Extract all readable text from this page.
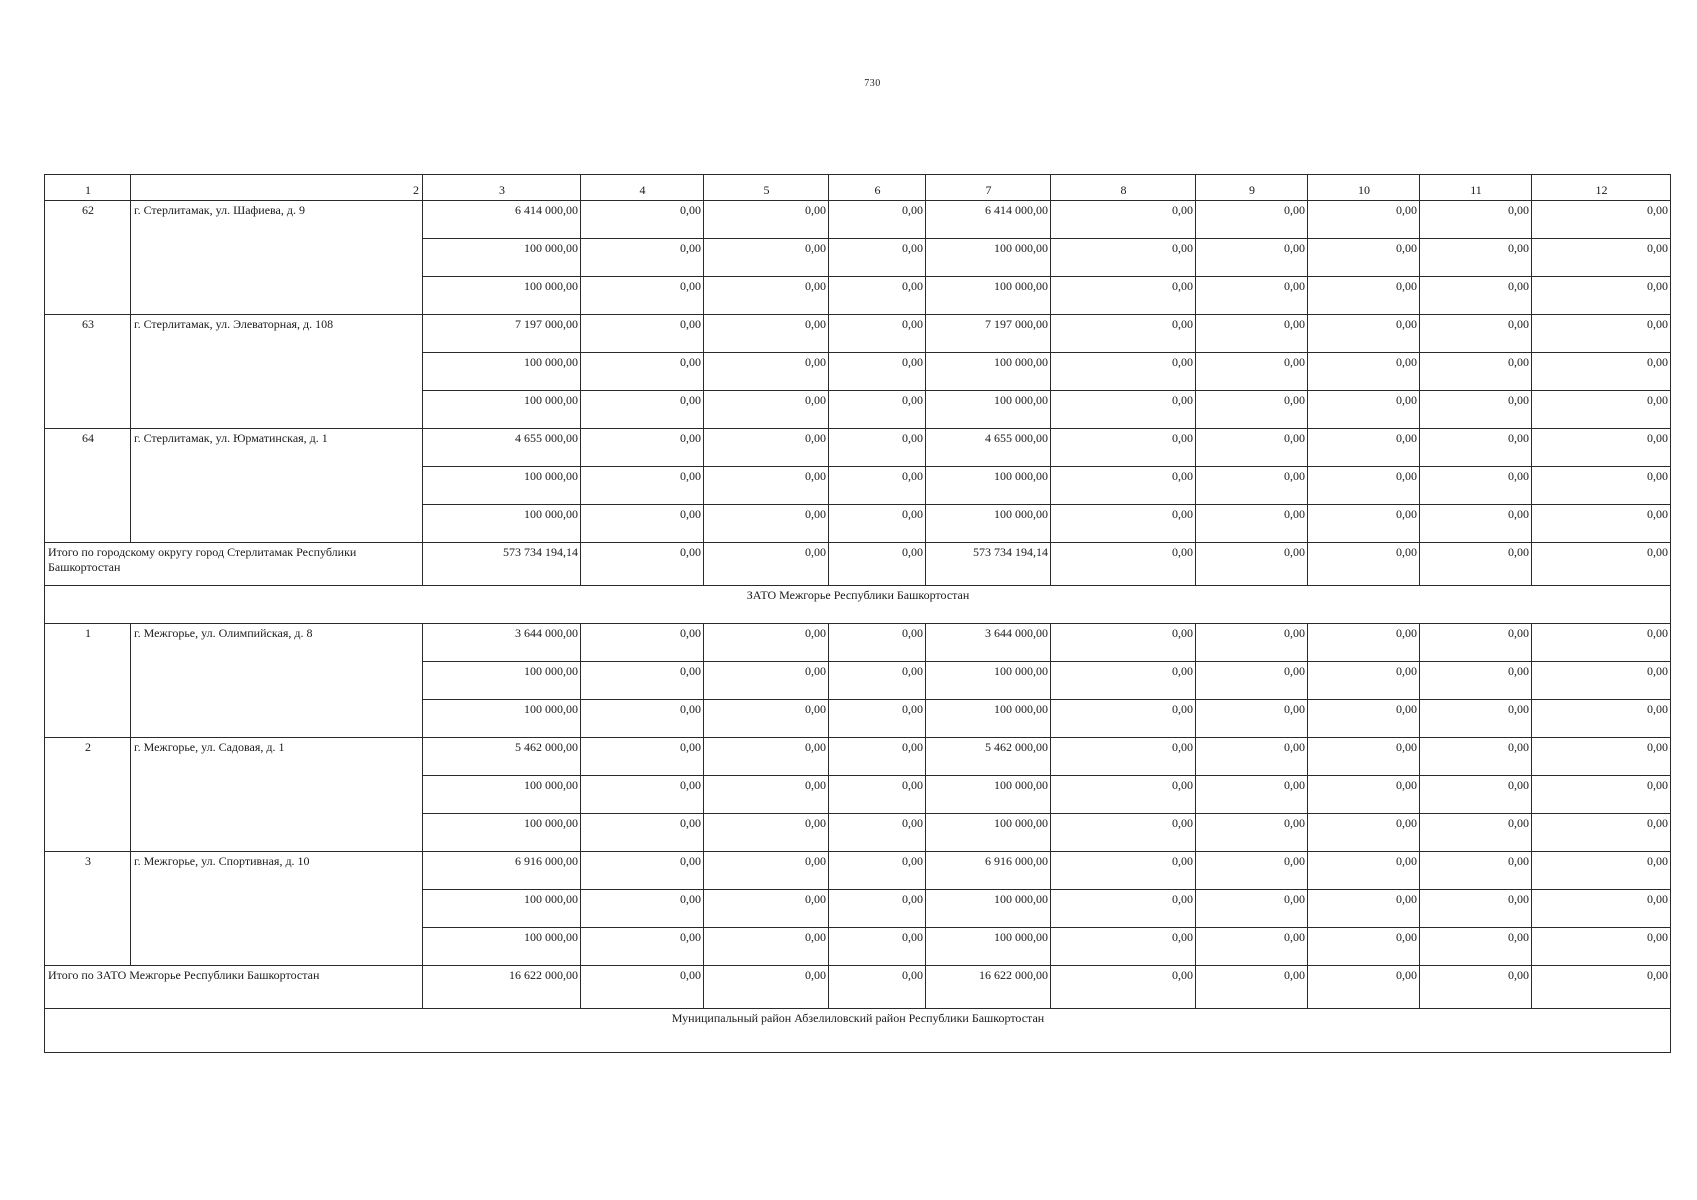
730
1	2	3	4	5	6	7	8	9	10	11	12
62	г. Стерлитамак, ул. Шафиева, д. 9	6 414 000,00	0,00	0,00	0,00	6 414 000,00	0,00	0,00	0,00	0,00	0,00
		100 000,00	0,00	0,00	0,00	100 000,00	0,00	0,00	0,00	0,00	0,00
		100 000,00	0,00	0,00	0,00	100 000,00	0,00	0,00	0,00	0,00	0,00
63	г. Стерлитамак, ул. Элеваторная, д. 108	7 197 000,00	0,00	0,00	0,00	7 197 000,00	0,00	0,00	0,00	0,00	0,00
		100 000,00	0,00	0,00	0,00	100 000,00	0,00	0,00	0,00	0,00	0,00
		100 000,00	0,00	0,00	0,00	100 000,00	0,00	0,00	0,00	0,00	0,00
64	г. Стерлитамак, ул. Юрматинская, д. 1	4 655 000,00	0,00	0,00	0,00	4 655 000,00	0,00	0,00	0,00	0,00	0,00
		100 000,00	0,00	0,00	0,00	100 000,00	0,00	0,00	0,00	0,00	0,00
		100 000,00	0,00	0,00	0,00	100 000,00	0,00	0,00	0,00	0,00	0,00
Итого по городскому округу город Стерлитамак Республики Башкортостан		573 734 194,14	0,00	0,00	0,00	573 734 194,14	0,00	0,00	0,00	0,00	0,00
ЗАТО Межгорье Республики Башкортостан											
1	г. Межгорье, ул. Олимпийская, д. 8	3 644 000,00	0,00	0,00	0,00	3 644 000,00	0,00	0,00	0,00	0,00	0,00
		100 000,00	0,00	0,00	0,00	100 000,00	0,00	0,00	0,00	0,00	0,00
		100 000,00	0,00	0,00	0,00	100 000,00	0,00	0,00	0,00	0,00	0,00
2	г. Межгорье, ул. Садовая, д. 1	5 462 000,00	0,00	0,00	0,00	5 462 000,00	0,00	0,00	0,00	0,00	0,00
		100 000,00	0,00	0,00	0,00	100 000,00	0,00	0,00	0,00	0,00	0,00
		100 000,00	0,00	0,00	0,00	100 000,00	0,00	0,00	0,00	0,00	0,00
3	г. Межгорье, ул. Спортивная, д. 10	6 916 000,00	0,00	0,00	0,00	6 916 000,00	0,00	0,00	0,00	0,00	0,00
		100 000,00	0,00	0,00	0,00	100 000,00	0,00	0,00	0,00	0,00	0,00
		100 000,00	0,00	0,00	0,00	100 000,00	0,00	0,00	0,00	0,00	0,00
Итого по ЗАТО Межгорье Республики Башкортостан		16 622 000,00	0,00	0,00	0,00	16 622 000,00	0,00	0,00	0,00	0,00	0,00
Муниципальный район Абзелиловский район Республики Башкортостан											
